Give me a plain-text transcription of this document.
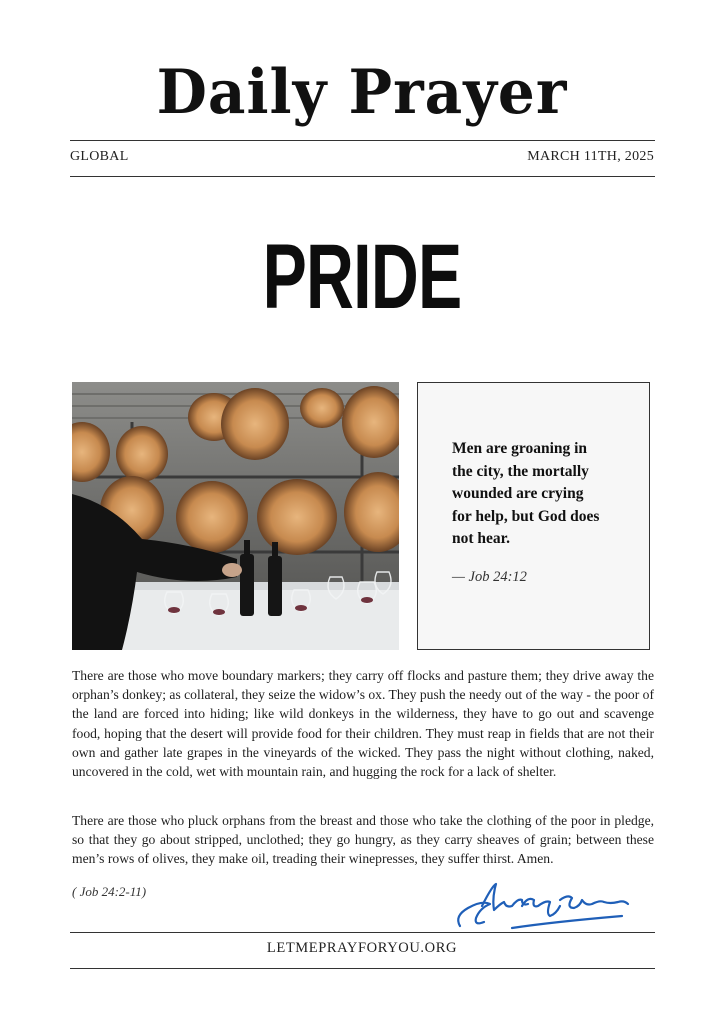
Daily Prayer
GLOBAL	MARCH 11TH, 2025
PRIDE
Men are groaning in the city, the mortally wounded are crying for help, but God does not hear.
— Job 24:12
There are those who move boundary markers; they carry off flocks and pasture them; they drive away the orphan’s donkey; as collateral, they seize the widow’s ox. They push the needy out of the way - the poor of the land are forced into hiding; like wild donkeys in the wilderness, they have to go out and scavenge food, hoping that the desert will provide food for their children. They must reap in fields that are not their own and gather late grapes in the vineyards of the wicked. They pass the night without clothing, naked, uncovered in the cold, wet with mountain rain, and hugging the rock for a lack of shelter.
There are those who pluck orphans from the breast and those who take the clothing of the poor in pledge, so that they go about stripped, unclothed; they go hungry, as they carry sheaves of grain; between these men’s rows of olives, they make oil, treading their winepresses, they suffer thirst. Amen.
( Job 24:2-11)
LETMEPRAYFORYOU.ORG
